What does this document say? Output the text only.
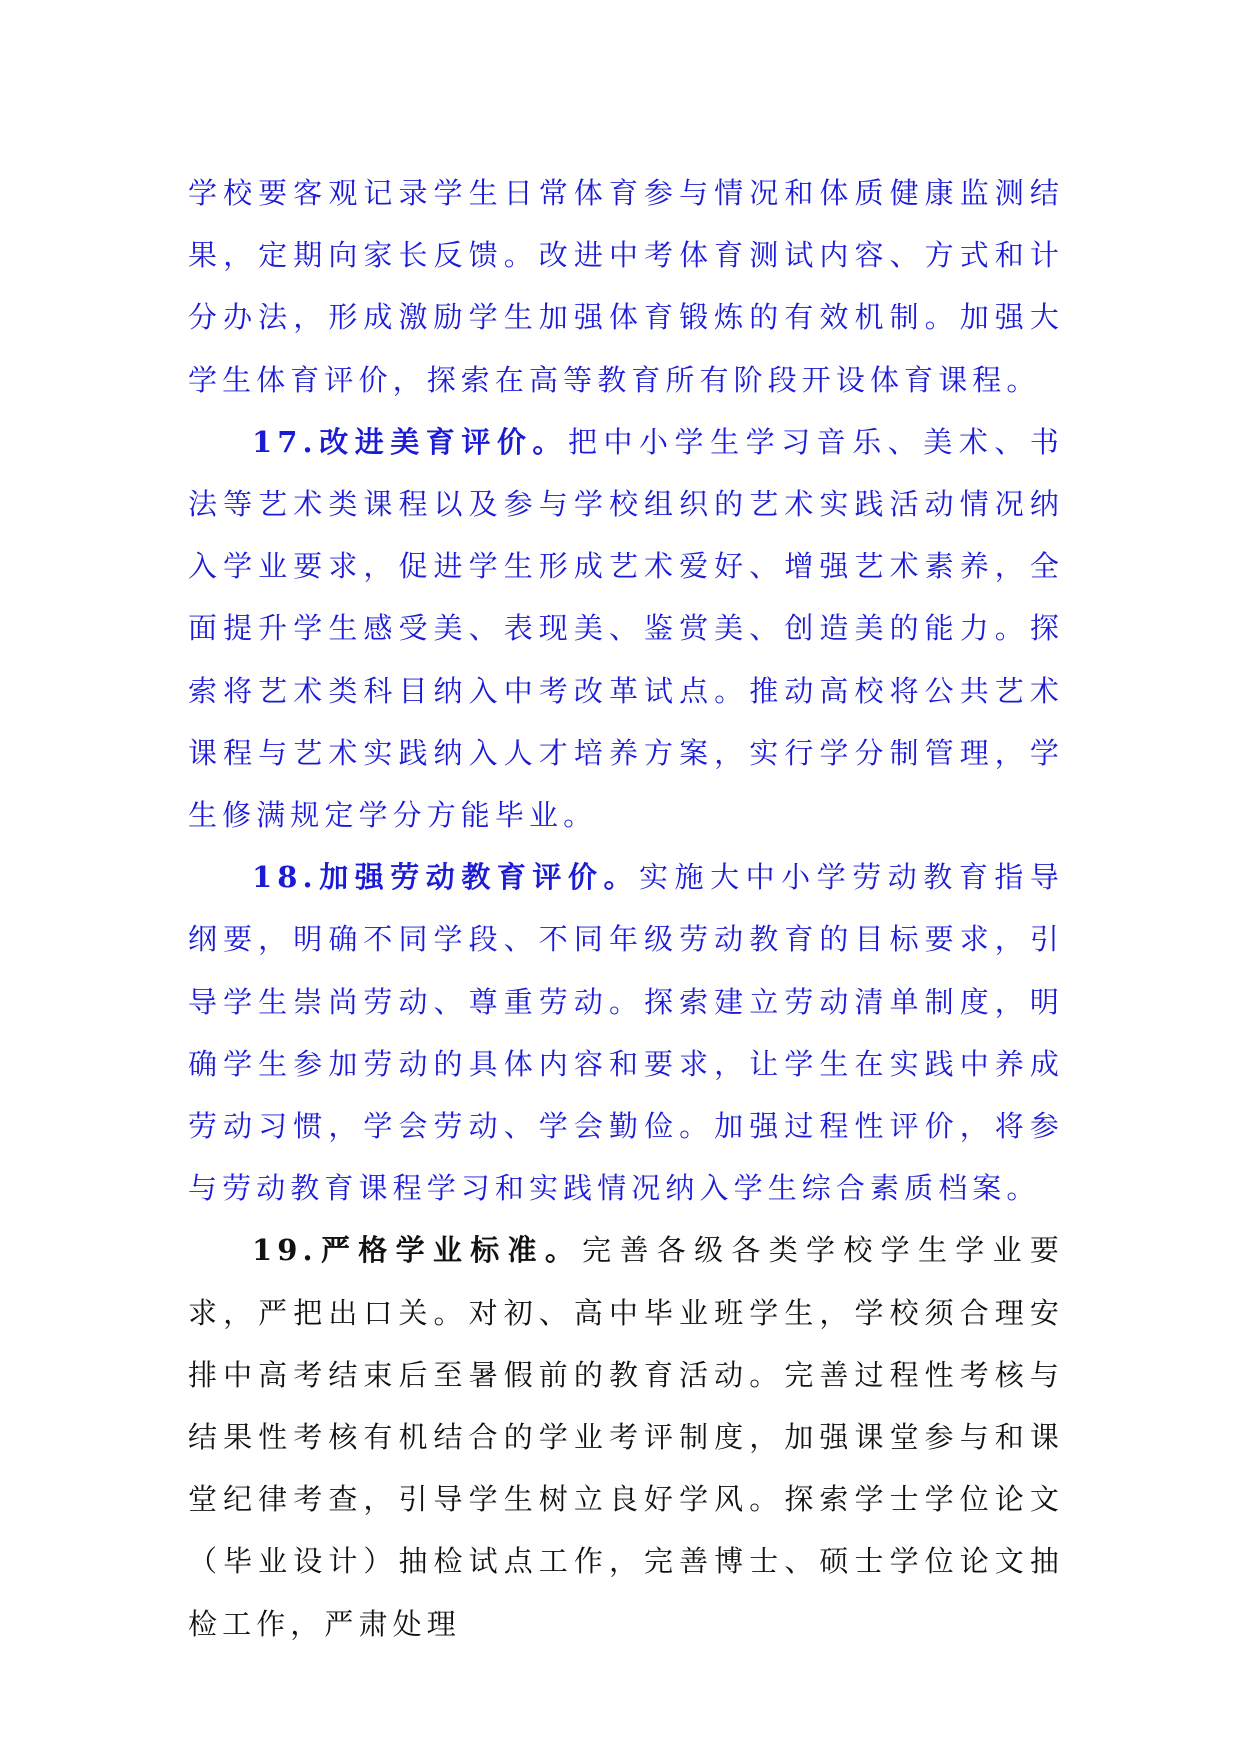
学校要客观记录学生日常体育参与情况和体质健康监测结果，定期向家长反馈。改进中考体育测试内容、方式和计分办法，形成激励学生加强体育锻炼的有效机制。加强大学生体育评价，探索在高等教育所有阶段开设体育课程。

17.改进美育评价。把中小学生学习音乐、美术、书法等艺术类课程以及参与学校组织的艺术实践活动情况纳入学业要求，促进学生形成艺术爱好、增强艺术素养，全面提升学生感受美、表现美、鉴赏美、创造美的能力。探索将艺术类科目纳入中考改革试点。推动高校将公共艺术课程与艺术实践纳入人才培养方案，实行学分制管理，学生修满规定学分方能毕业。

18.加强劳动教育评价。实施大中小学劳动教育指导纲要，明确不同学段、不同年级劳动教育的目标要求，引导学生崇尚劳动、尊重劳动。探索建立劳动清单制度，明确学生参加劳动的具体内容和要求，让学生在实践中养成劳动习惯，学会劳动、学会勤俭。加强过程性评价，将参与劳动教育课程学习和实践情况纳入学生综合素质档案。

19.严格学业标准。完善各级各类学校学生学业要求，严把出口关。对初、高中毕业班学生，学校须合理安排中高考结束后至暑假前的教育活动。完善过程性考核与结果性考核有机结合的学业考评制度，加强课堂参与和课堂纪律考查，引导学生树立良好学风。探索学士学位论文（毕业设计）抽检试点工作，完善博士、硕士学位论文抽检工作，严肃处理
